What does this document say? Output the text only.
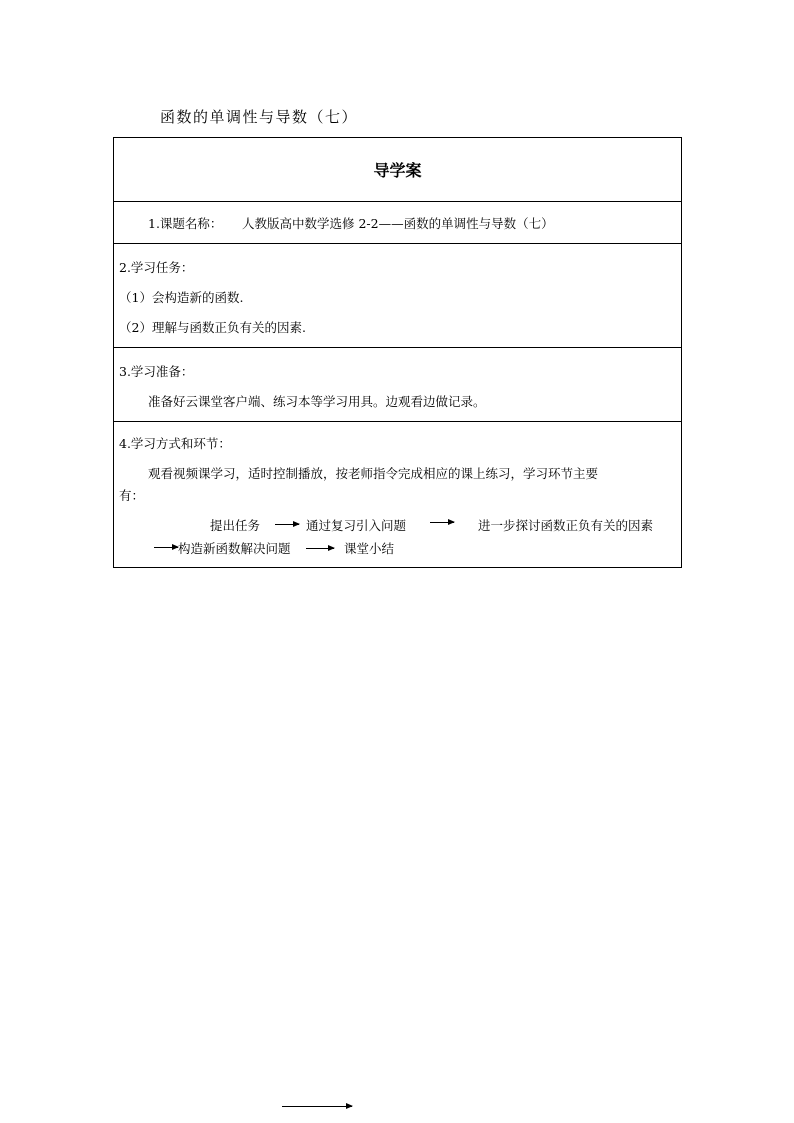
函数的单调性与导数（七）
导学案
1.课题名称： 人教版高中数学选修 2-2——函数的单调性与导数（七）
2.学习任务：
（1）会构造新的函数.
（2）理解与函数正负有关的因素.
3.学习准备：
准备好云课堂客户端、练习本等学习用具。边观看边做记录。
4.学习方式和环节：
观看视频课学习，适时控制播放，按老师指令完成相应的课上练习，学习环节主要
有：
提出任务	通过复习引入问题	进一步探讨函数正负有关的因素
构造新函数解决问题	课堂小结
